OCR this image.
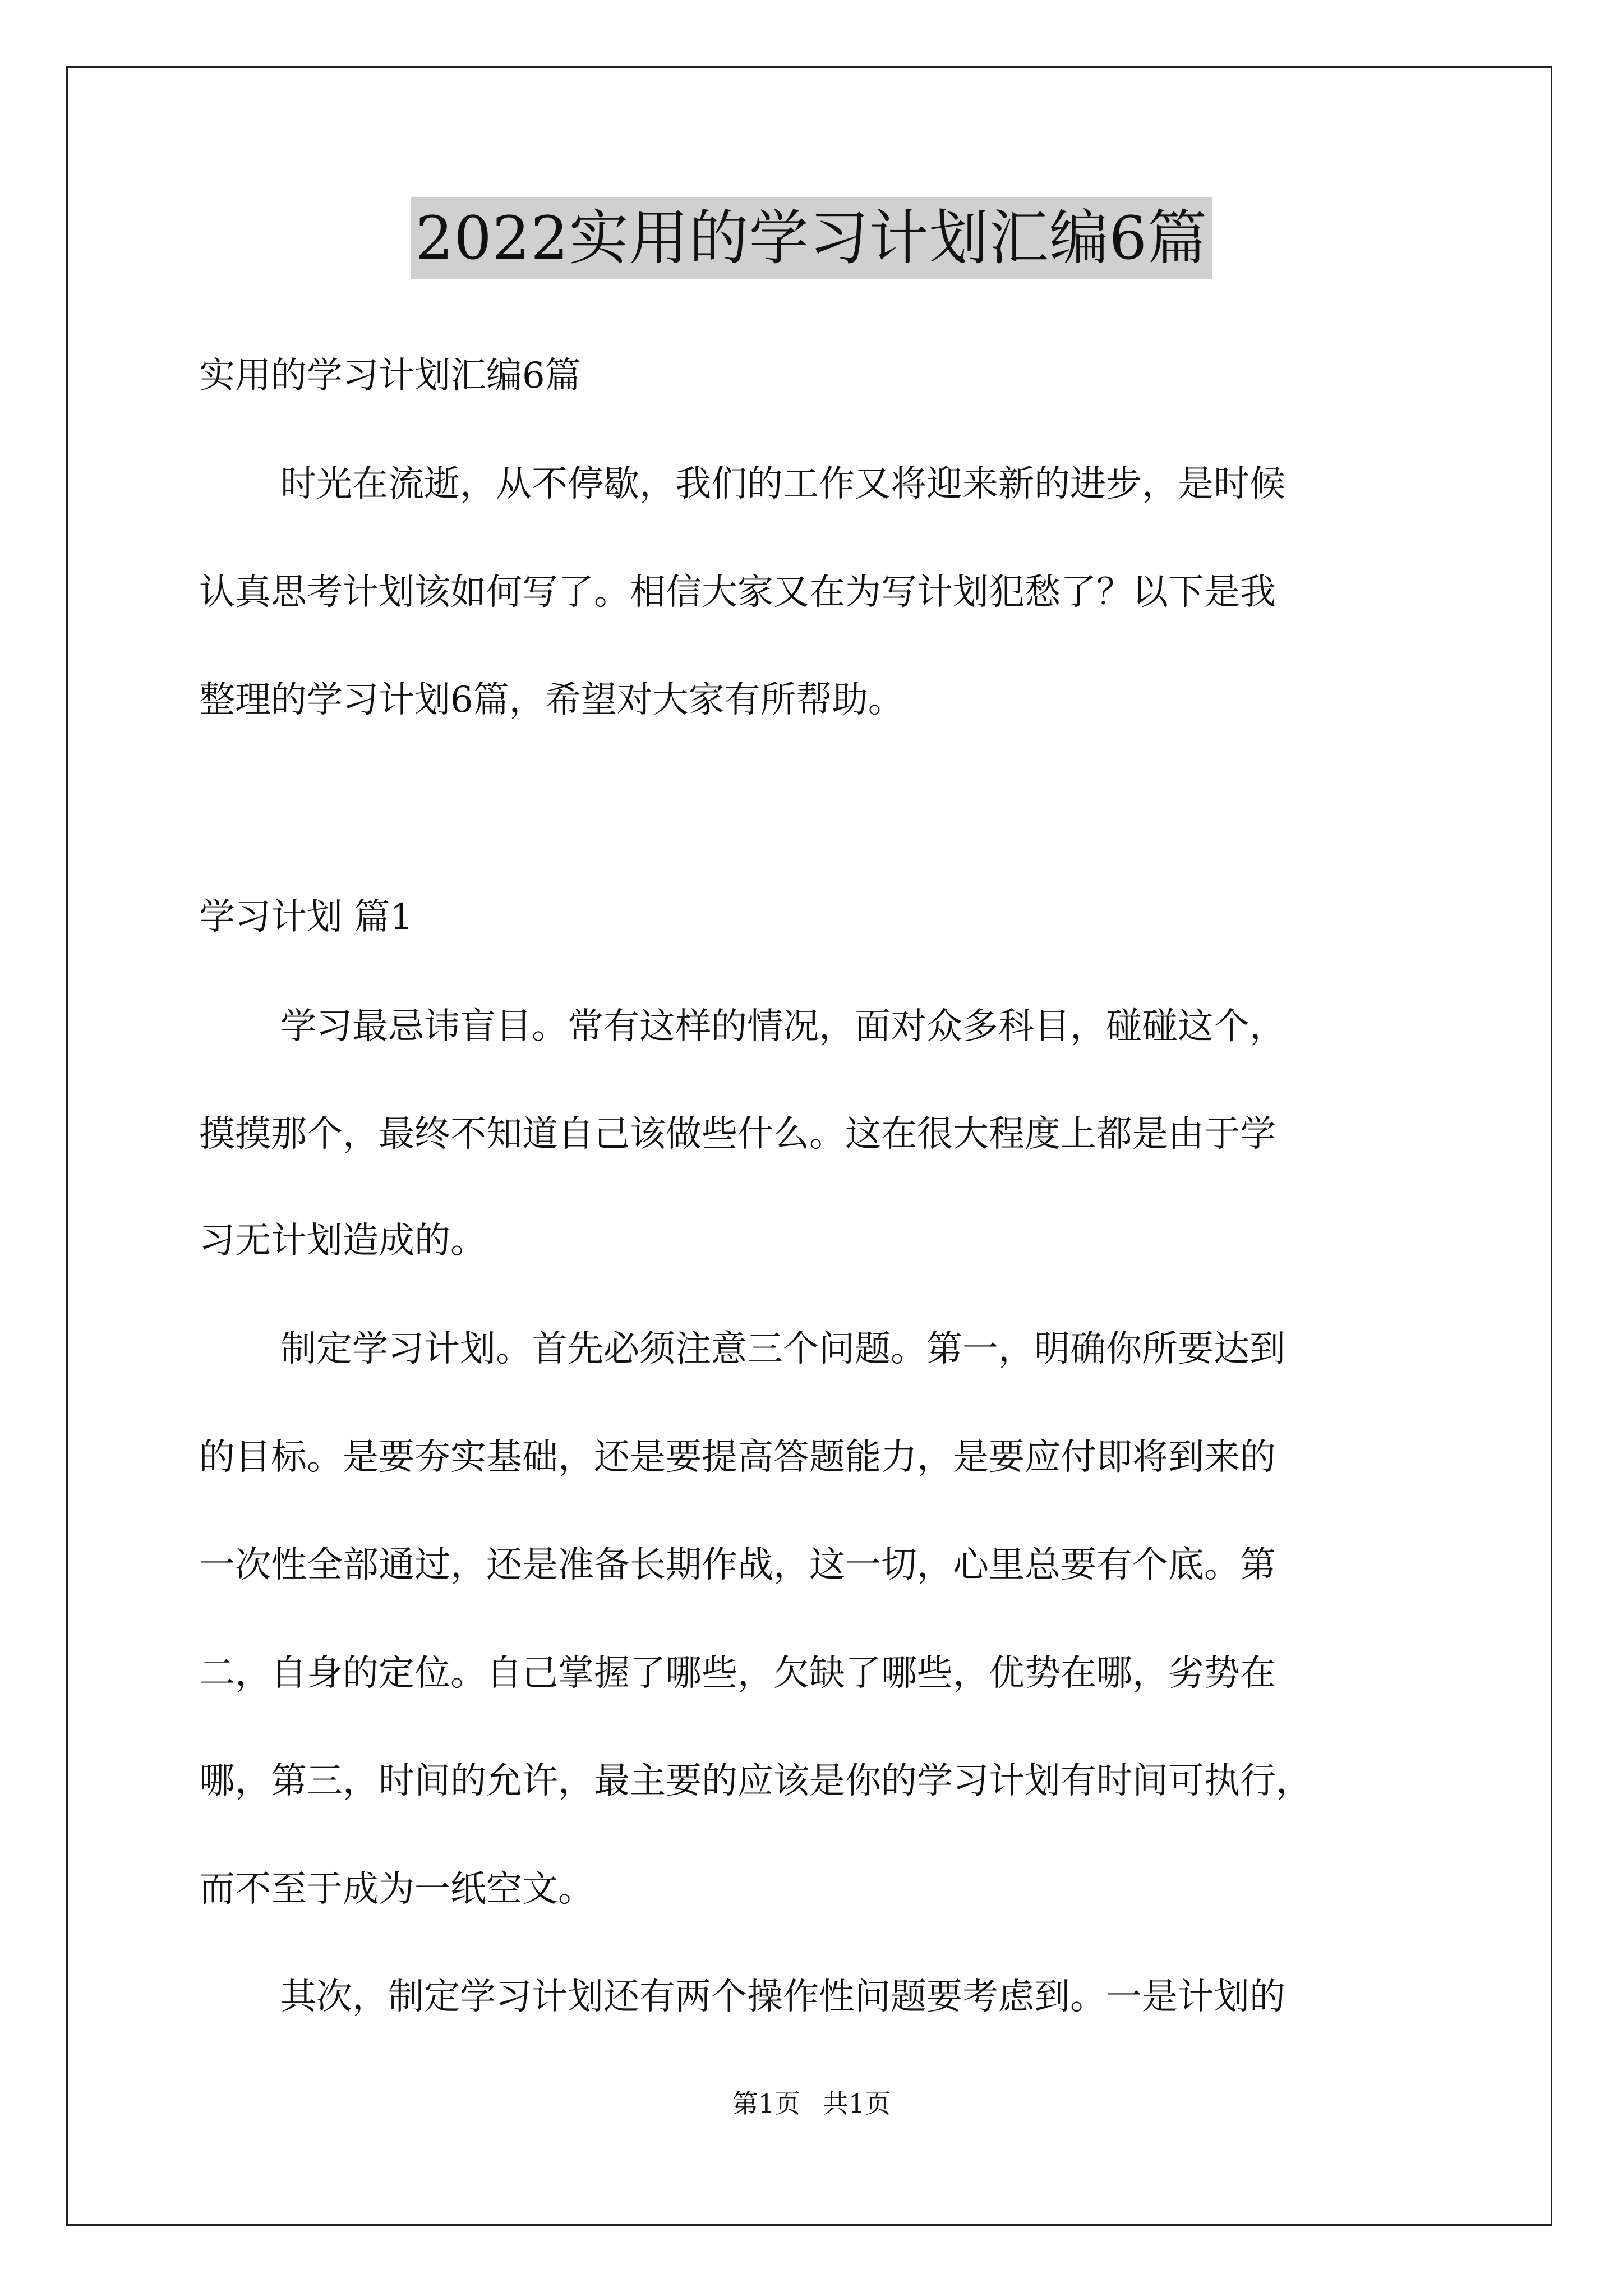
2022实用的学习计划汇编6篇
实用的学习计划汇编6篇
时光在流逝，从不停歇，我们的工作又将迎来新的进步，是时候
认真思考计划该如何写了。相信大家又在为写计划犯愁了？以下是我
整理的学习计划6篇，希望对大家有所帮助。
学习计划 篇1
学习最忌讳盲目。常有这样的情况，面对众多科目，碰碰这个，
摸摸那个，最终不知道自己该做些什么。这在很大程度上都是由于学
习无计划造成的。
制定学习计划。首先必须注意三个问题。第一，明确你所要达到
的目标。是要夯实基础，还是要提高答题能力，是要应付即将到来的
一次性全部通过，还是准备长期作战，这一切，心里总要有个底。第
二，自身的定位。自己掌握了哪些，欠缺了哪些，优势在哪，劣势在
哪，第三，时间的允许，最主要的应该是你的学习计划有时间可执行，
而不至于成为一纸空文。
其次，制定学习计划还有两个操作性问题要考虑到。一是计划的
第1页 共1页
